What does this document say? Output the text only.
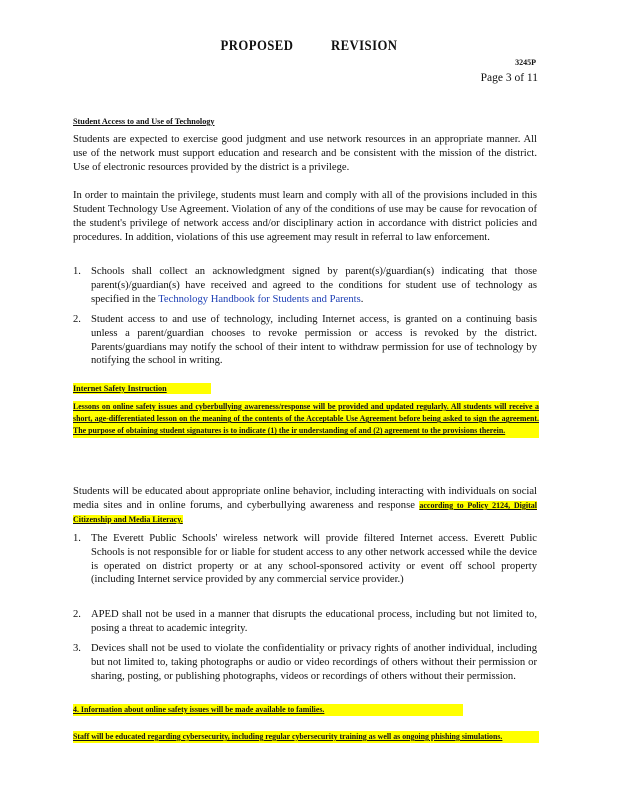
PROPOSED REVISION
3245P
Page 3 of 11
Student Access to and Use of Technology
Students are expected to exercise good judgment and use network resources in an appropriate manner. All use of the network must support education and research and be consistent with the mission of the district. Use of electronic resources provided by the district is a privilege.
In order to maintain the privilege, students must learn and comply with all of the provisions included in this Student Technology Use Agreement. Violation of any of the conditions of use may be cause for revocation of the student's privilege of network access and/or disciplinary action in accordance with district policies and procedures. In addition, violations of this use agreement may result in referral to law enforcement.
1. Schools shall collect an acknowledgment signed by parent(s)/guardian(s) indicating that those parent(s)/guardian(s) have received and agreed to the conditions for student use of technology as specified in the Technology Handbook for Students and Parents.
2. Student access to and use of technology, including Internet access, is granted on a continuing basis unless a parent/guardian chooses to revoke permission or access is revoked by the district. Parents/guardians may notify the school of their intent to withdraw permission for use of technology by notifying the school in writing.
Internet Safety Instruction
Lessons on online safety issues and cyberbullying awareness/response will be provided and updated regularly. All students will receive a short, age-differentiated lesson on the meaning of the contents of the Acceptable Use Agreement before being asked to sign the agreement. The purpose of obtaining student signatures is to indicate (1) the ir understanding of and (2) agreement to the provisions therein.
Students will be educated about appropriate online behavior, including interacting with individuals on social media sites and in online forums, and cyberbullying awareness and response according to Policy 2124, Digital Citizenship and Media Literacy.
1. The Everett Public Schools' wireless network will provide filtered Internet access. Everett Public Schools is not responsible for or liable for student access to any other network accessed while the device is operated on district property or at any school-sponsored activity or event off school property (including Internet service provided by any commercial service provider.)
2. APED shall not be used in a manner that disrupts the educational process, including but not limited to, posing a threat to academic integrity.
3. Devices shall not be used to violate the confidentiality or privacy rights of another individual, including but not limited to, taking photographs or audio or video recordings of others without their permission or sharing, posting, or publishing photographs, videos or recordings of others without their permission.
4. Information about online safety issues will be made available to families.
Staff will be educated regarding cybersecurity, including regular cybersecurity training as well as ongoing phishing simulations.
